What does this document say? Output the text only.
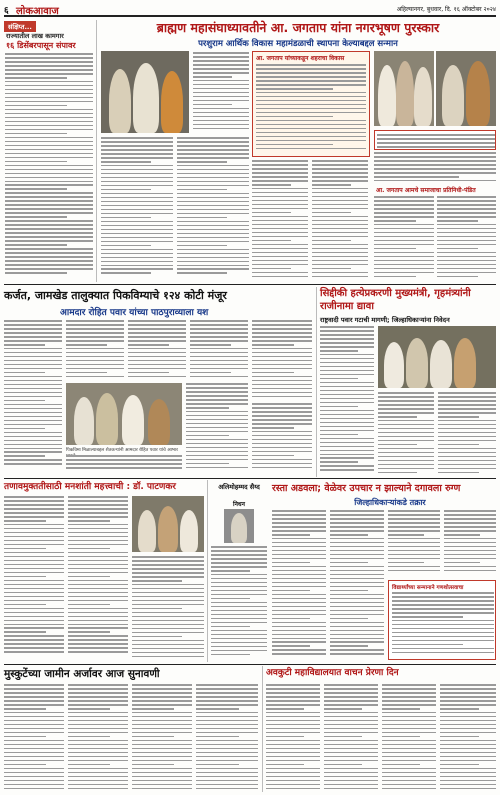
६ लोकआवाज	अहिल्यानगर, बुधवार, दि. १६ ऑक्टोबर २०२४
संक्षिप्त...
राज्यातील लाख कामगार
१६ डिसेंबरपासून संपावर
ब्राह्मण महासंघाध्यावतीने आ. जगताप यांना नगरभूषण पुरस्कार
परशुराम आर्थिक विकास महामंडळाची स्थापना केल्याबद्दल सन्मान
आ. जगताप यांच्याकडून शहराचा विकास
आ. जगताप आमचे समाजाचा प्रतिनिधी-पंडित
कर्जत, जामखेड तालुक्यात पिकविम्याचे १२४ कोटी मंजूर
आमदार रोहित पवार यांच्या पाठपुराव्याला यश
पिकविमा मिळाल्याबद्दल शेतकऱ्यांनी आमदार रोहित पवार यांचे आभार
सिद्दीकी हत्येप्रकरणी मुख्यमंत्री, गृहमंत्र्यांनी राजीनामा द्यावा
राष्ट्रवादी पवार गटाची मागणी; जिल्हाधिकाऱ्यांना निवेदन
तणावमुक्ततीसाठी मनशांती महत्त्वाची : डॉ. पाटणकर	अलिमोहम्मद सैय्द
निधन
रस्ता अडवला; वेळेवर उपचार न झाल्याने दगावला रुग्ण
जिल्हाधिकाऱ्यांकडे तक्रार
विद्यार्थ्यांच्या सन्मानाने गणशोत्सवाचा
मुस्कुटेंच्या जामीन अर्जावर आज सुनावणी	अवकुटी महाविद्यालयात वाचन प्रेरणा दिन
